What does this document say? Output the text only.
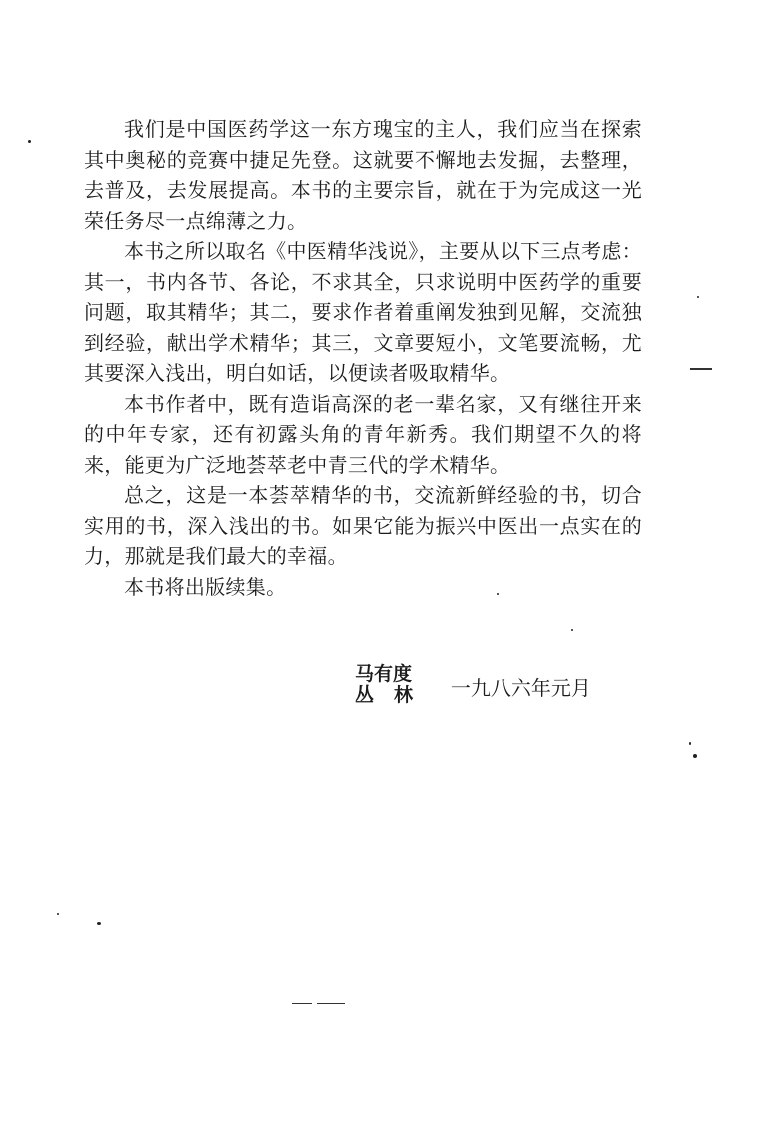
我们是中国医药学这一东方瑰宝的主人，我们应当在探索其中奥秘的竞赛中捷足先登。这就要不懈地去发掘，去整理，去普及，去发展提高。本书的主要宗旨，就在于为完成这一光荣任务尽一点绵薄之力。

本书之所以取名《中医精华浅说》，主要从以下三点考虑：其一，书内各节、各论，不求其全，只求说明中医药学的重要问题，取其精华；其二，要求作者着重阐发独到见解，交流独到经验，献出学术精华；其三，文章要短小，文笔要流畅，尤其要深入浅出，明白如话，以便读者吸取精华。

本书作者中，既有造诣高深的老一辈名家，又有继往开来的中年专家，还有初露头角的青年新秀。我们期望不久的将来，能更为广泛地荟萃老中青三代的学术精华。

总之，这是一本荟萃精华的书，交流新鲜经验的书，切合实用的书，深入浅出的书。如果它能为振兴中医出一点实在的力，那就是我们最大的幸福。

本书将出版续集。

马有度
丛林 一九八六年元月
